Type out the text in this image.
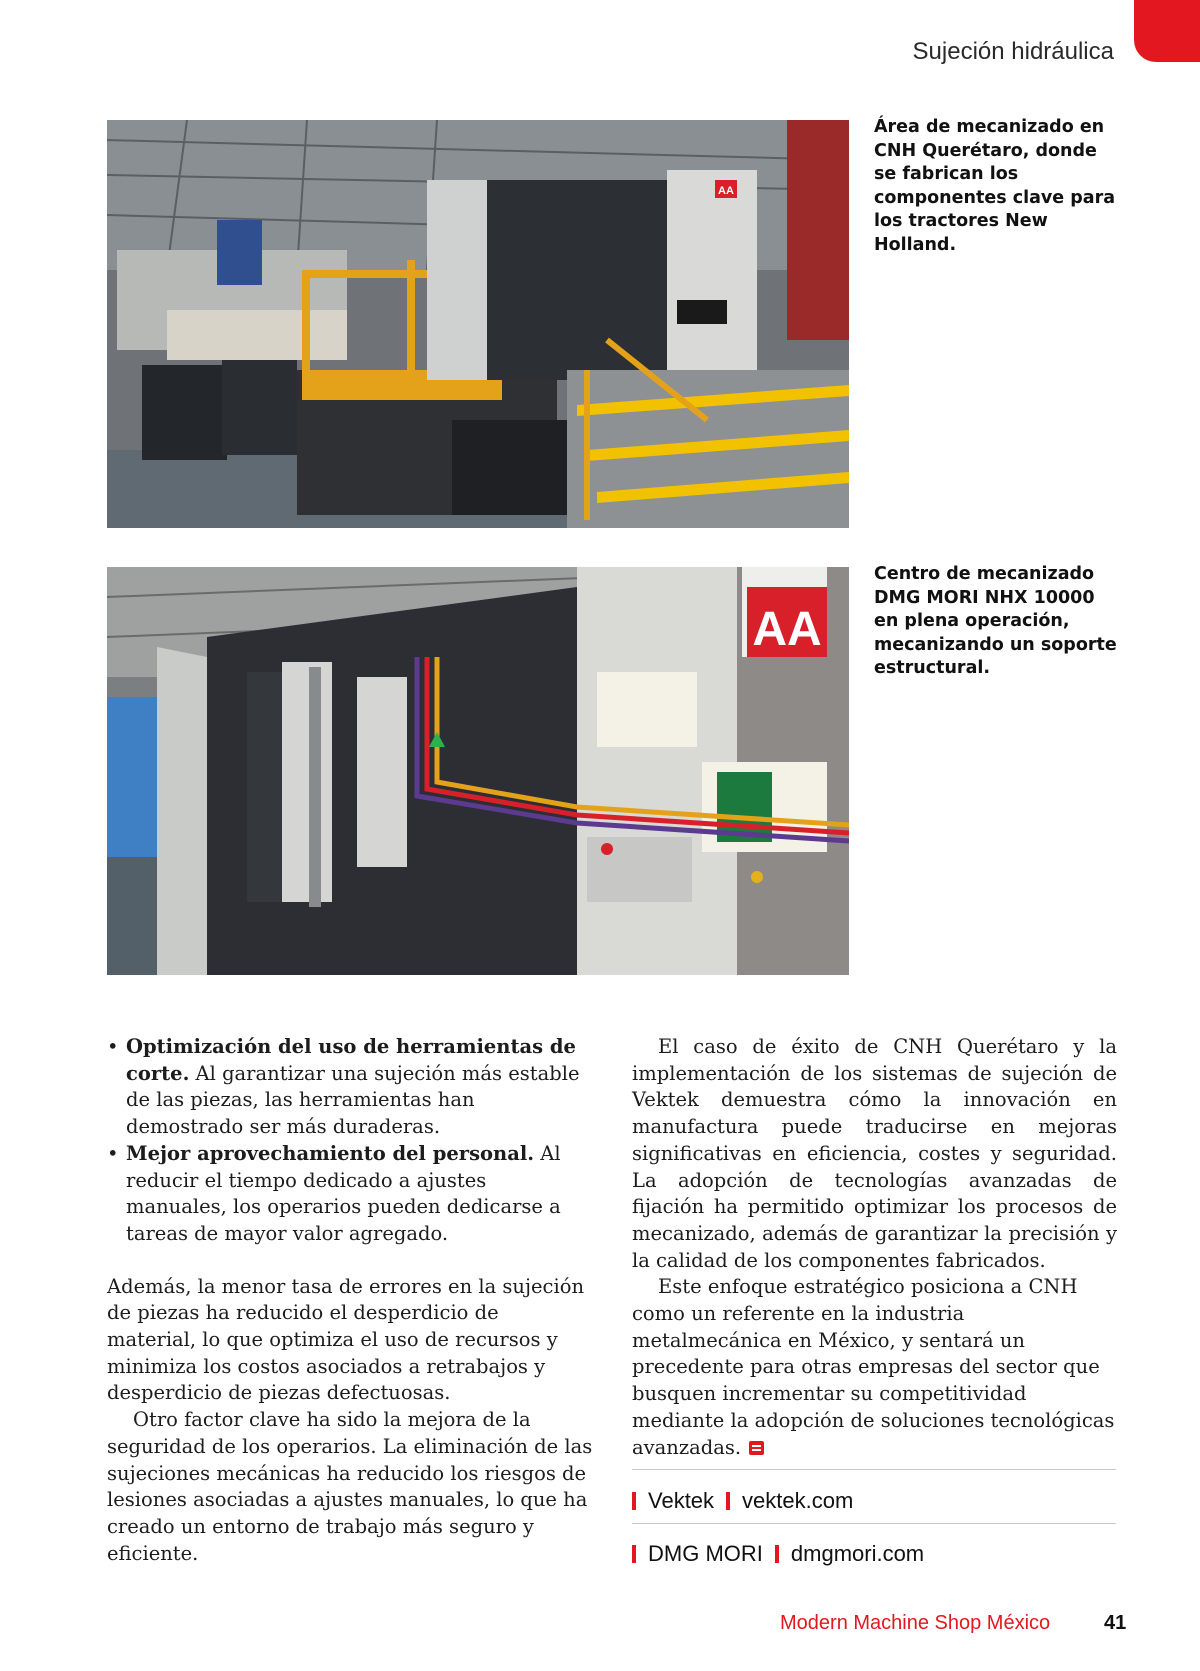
Sujeción hidráulica
AA
Área de mecanizado en CNH Querétaro, donde se fabrican los componentes clave para los tractores New Holland.
AA
Centro de mecanizado DMG MORI NHX 10000 en plena operación, mecanizando un soporte estructural.
• Optimización del uso de herramientas de corte. Al garantizar una sujeción más estable de las piezas, las herramientas han demostrado ser más duraderas.
• Mejor aprovechamiento del personal. Al reducir el tiempo dedicado a ajustes manuales, los operarios pueden dedicarse a tareas de mayor valor agregado.

Además, la menor tasa de errores en la sujeción de piezas ha reducido el desperdicio de material, lo que optimiza el uso de recursos y minimiza los costos asociados a retrabajos y desperdicio de piezas defectuosas.

Otro factor clave ha sido la mejora de la seguridad de los operarios. La eliminación de las sujeciones mecánicas ha reducido los riesgos de lesiones asociadas a ajustes manuales, lo que ha creado un entorno de trabajo más seguro y eficiente.

El caso de éxito de CNH Querétaro y la implementación de los sistemas de sujeción de Vektek demuestra cómo la innovación en manufactura puede traducirse en mejoras significativas en eficiencia, costes y seguridad. La adopción de tecnologías avanzadas de fijación ha permitido optimizar los procesos de mecanizado, además de garantizar la precisión y la calidad de los componentes fabricados.

Este enfoque estratégico posiciona a CNH como un referente en la industria metalmecánica en México, y sentará un precedente para otras empresas del sector que busquen incrementar su competitividad mediante la adopción de soluciones tecnológicas avanzadas.

Vektek vektek.com
DMG MORI dmgmori.com
Modern Machine Shop México	41
